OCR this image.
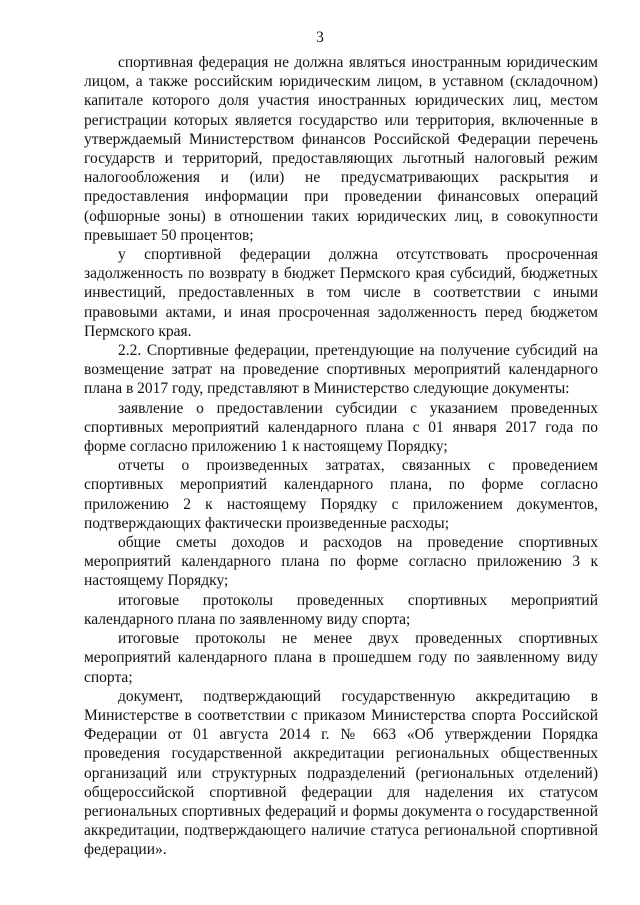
3

спортивная федерация не должна являться иностранным юридическим лицом, а также российским юридическим лицом, в уставном (складочном) капитале которого доля участия иностранных юридических лиц, местом регистрации которых является государство или территория, включенные в утверждаемый Министерством финансов Российской Федерации перечень государств и территорий, предоставляющих льготный налоговый режим налогообложения и (или) не предусматривающих раскрытия и предоставления информации при проведении финансовых операций (офшорные зоны) в отношении таких юридических лиц, в совокупности превышает 50 процентов;

у спортивной федерации должна отсутствовать просроченная задолженность по возврату в бюджет Пермского края субсидий, бюджетных инвестиций, предоставленных в том числе в соответствии с иными правовыми актами, и иная просроченная задолженность перед бюджетом Пермского края.

2.2. Спортивные федерации, претендующие на получение субсидий на возмещение затрат на проведение спортивных мероприятий календарного плана в 2017 году, представляют в Министерство следующие документы:

заявление о предоставлении субсидии с указанием проведенных спортивных мероприятий календарного плана с 01 января 2017 года по форме согласно приложению 1 к настоящему Порядку;

отчеты о произведенных затратах, связанных с проведением спортивных мероприятий календарного плана, по форме согласно приложению 2 к настоящему Порядку с приложением документов, подтверждающих фактически произведенные расходы;

общие сметы доходов и расходов на проведение спортивных мероприятий календарного плана по форме согласно приложению 3 к настоящему Порядку;

итоговые протоколы проведенных спортивных мероприятий календарного плана по заявленному виду спорта;

итоговые протоколы не менее двух проведенных спортивных мероприятий календарного плана в прошедшем году по заявленному виду спорта;

документ, подтверждающий государственную аккредитацию в Министерстве в соответствии с приказом Министерства спорта Российской Федерации от 01 августа 2014 г. № 663 «Об утверждении Порядка проведения государственной аккредитации региональных общественных организаций или структурных подразделений (региональных отделений) общероссийской спортивной федерации для наделения их статусом региональных спортивных федераций и формы документа о государственной аккредитации, подтверждающего наличие статуса региональной спортивной федерации».
